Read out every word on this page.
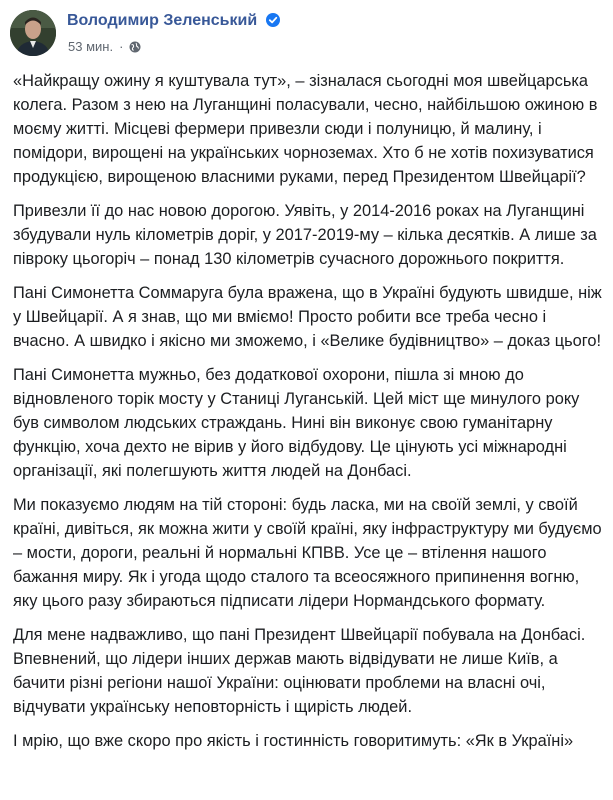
Володимир Зеленський
53 мин. ·

«Найкращу ожину я куштувала тут», – зізналася сьогодні моя швейцарська колега. Разом з нею на Луганщині поласували, чесно, найбільшою ожиною в моєму житті. Місцеві фермери привезли сюди і полуницю, й малину, і помідори, вирощені на українських чорноземах. Хто б не хотів похизуватися продукцією, вирощеною власними руками, перед Президентом Швейцарії?

Привезли її до нас новою дорогою. Уявіть, у 2014-2016 роках на Луганщині збудували нуль кілометрів доріг, у 2017-2019-му – кілька десятків. А лише за півроку цьогоріч – понад 130 кілометрів сучасного дорожнього покриття.

Пані Симонетта Соммаруга була вражена, що в Україні будують швидше, ніж у Швейцарії. А я знав, що ми вміємо! Просто робити все треба чесно і вчасно. А швидко і якісно ми зможемо, і «Велике будівництво» – доказ цього!

Пані Симонетта мужньо, без додаткової охорони, пішла зі мною до відновленого торік мосту у Станиці Луганській. Цей міст ще минулого року був символом людських страждань. Нині він виконує свою гуманітарну функцію, хоча дехто не вірив у його відбудову. Це цінують усі міжнародні організації, які полегшують життя людей на Донбасі.

Ми показуємо людям на тій стороні: будь ласка, ми на своїй землі, у своїй країні, дивіться, як можна жити у своїй країні, яку інфраструктуру ми будуємо – мости, дороги, реальні й нормальні КПВВ. Усе це – втілення нашого бажання миру. Як і угода щодо сталого та всеосяжного припинення вогню, яку цього разу збираються підписати лідери Нормандського формату.

Для мене надважливо, що пані Президент Швейцарії побувала на Донбасі. Впевнений, що лідери інших держав мають відвідувати не лише Київ, а бачити різні регіони нашої України: оцінювати проблеми на власні очі, відчувати українську неповторність і щирість людей.

І мрію, що вже скоро про якість і гостинність говоритимуть: «Як в Україні»
